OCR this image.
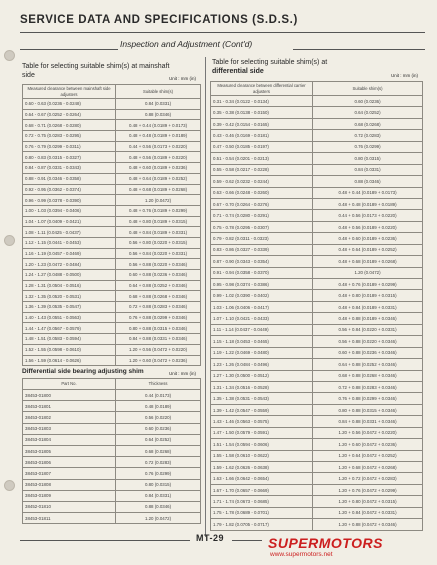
SERVICE DATA AND SPECIFICATIONS (S.D.S.)
Inspection and Adjustment (Cont'd)
Table for selecting suitable shim(s) at mainshaft
side	Unit : mm (in)
Measured clearance between mainshaft side adjusters	Suitable shim(s)
0.60 - 0.63 (0.0236 - 0.0248)	0.84 (0.0331)
0.64 - 0.67 (0.0252 - 0.0264)	0.88 (0.0346)
0.68 - 0.71 (0.0268 - 0.0280)	0.48 + 0.44 (0.0189 + 0.0173)
0.72 - 0.75 (0.0283 - 0.0295)	0.48 + 0.48 (0.0189 + 0.0189)
0.76 - 0.79 (0.0299 - 0.0311)	0.44 + 0.56 (0.0173 + 0.0220)
0.80 - 0.83 (0.0315 - 0.0327)	0.48 + 0.56 (0.0189 + 0.0220)
0.84 - 0.87 (0.0331 - 0.0343)	0.48 + 0.60 (0.0189 + 0.0236)
0.88 - 0.91 (0.0346 - 0.0358)	0.48 + 0.64 (0.0189 + 0.0252)
0.92 - 0.95 (0.0362 - 0.0374)	0.48 + 0.68 (0.0189 + 0.0268)
0.96 - 0.99 (0.0378 - 0.0390)	1.20 (0.0472)
1.00 - 1.03 (0.0394 - 0.0406)	0.48 + 0.76 (0.0189 + 0.0299)
1.04 - 1.07 (0.0409 - 0.0421)	0.48 + 0.80 (0.0189 + 0.0315)
1.08 - 1.11 (0.0425 - 0.0437)	0.48 + 0.84 (0.0189 + 0.0331)
1.12 - 1.15 (0.0441 - 0.0453)	0.56 + 0.80 (0.0220 + 0.0315)
1.16 - 1.19 (0.0457 - 0.0469)	0.56 + 0.84 (0.0220 + 0.0331)
1.20 - 1.23 (0.0472 - 0.0484)	0.56 + 0.88 (0.0220 + 0.0346)
1.24 - 1.27 (0.0488 - 0.0500)	0.60 + 0.88 (0.0236 + 0.0346)
1.28 - 1.31 (0.0504 - 0.0516)	0.64 + 0.88 (0.0252 + 0.0346)
1.32 - 1.35 (0.0520 - 0.0531)	0.68 + 0.88 (0.0268 + 0.0346)
1.36 - 1.39 (0.0535 - 0.0547)	0.72 + 0.88 (0.0283 + 0.0346)
1.40 - 1.43 (0.0551 - 0.0563)	0.76 + 0.88 (0.0299 + 0.0346)
1.44 - 1.47 (0.0567 - 0.0579)	0.80 + 0.88 (0.0315 + 0.0346)
1.48 - 1.51 (0.0583 - 0.0594)	0.84 + 0.88 (0.0331 + 0.0346)
1.52 - 1.55 (0.0598 - 0.0610)	1.20 + 0.56 (0.0472 + 0.0220)
1.56 - 1.59 (0.0614 - 0.0626)	1.20 + 0.60 (0.0472 + 0.0236)
Differential side bearing adjusting shim	Unit : mm (in)
Part No.	Thickness
38453-01800	0.44 (0.0173)
38453-01801	0.48 (0.0189)
38453-01802	0.56 (0.0220)
38453-01803	0.60 (0.0236)
38453-01804	0.64 (0.0252)
38453-01805	0.68 (0.0268)
38453-01806	0.72 (0.0283)
38453-01807	0.76 (0.0299)
38453-01808	0.80 (0.0315)
38453-01809	0.84 (0.0331)
38452-01810	0.88 (0.0346)
38453-01811	1.20 (0.0472)
Table for selecting suitable shim(s) at
differential side
Unit : mm (in)
Measured clearance between differential carrier adjusters	Suitable shim(s)
0.31 - 0.34 (0.0122 - 0.0134)	0.60 (0.0236)
0.35 - 0.38 (0.0138 - 0.0150)	0.64 (0.0252)
0.39 - 0.42 (0.0154 - 0.0165)	0.68 (0.0268)
0.43 - 0.46 (0.0169 - 0.0181)	0.72 (0.0283)
0.47 - 0.50 (0.0185 - 0.0197)	0.76 (0.0299)
0.51 - 0.54 (0.0201 - 0.0213)	0.80 (0.0315)
0.55 - 0.58 (0.0217 - 0.0228)	0.84 (0.0331)
0.59 - 0.62 (0.0232 - 0.0244)	0.88 (0.0346)
0.63 - 0.66 (0.0248 - 0.0260)	0.48 + 0.44 (0.0189 + 0.0173)
0.67 - 0.70 (0.0264 - 0.0276)	0.48 + 0.48 (0.0189 + 0.0189)
0.71 - 0.74 (0.0280 - 0.0291)	0.44 + 0.56 (0.0173 + 0.0220)
0.75 - 0.78 (0.0295 - 0.0307)	0.48 + 0.56 (0.0189 + 0.0220)
0.79 - 0.82 (0.0311 - 0.0323)	0.48 + 0.60 (0.0189 + 0.0236)
0.83 - 0.86 (0.0327 - 0.0339)	0.48 + 0.64 (0.0189 + 0.0252)
0.87 - 0.90 (0.0343 - 0.0354)	0.48 + 0.68 (0.0189 + 0.0268)
0.91 - 0.94 (0.0358 - 0.0370)	1.20 (0.0472)
0.95 - 0.98 (0.0374 - 0.0386)	0.48 + 0.76 (0.0189 + 0.0299)
0.99 - 1.02 (0.0390 - 0.0402)	0.48 + 0.80 (0.0189 + 0.0315)
1.03 - 1.06 (0.0406 - 0.0417)	0.48 + 0.84 (0.0189 + 0.0331)
1.07 - 1.10 (0.0421 - 0.0433)	0.48 + 0.88 (0.0189 + 0.0346)
1.11 - 1.14 (0.0437 - 0.0449)	0.56 + 0.84 (0.0220 + 0.0331)
1.15 - 1.18 (0.0453 - 0.0465)	0.56 + 0.88 (0.0220 + 0.0346)
1.19 - 1.22 (0.0469 - 0.0480)	0.60 + 0.88 (0.0236 + 0.0346)
1.23 - 1.26 (0.0484 - 0.0496)	0.64 + 0.88 (0.0252 + 0.0346)
1.27 - 1.30 (0.0500 - 0.0512)	0.68 + 0.88 (0.0268 + 0.0346)
1.31 - 1.34 (0.0516 - 0.0528)	0.72 + 0.88 (0.0283 + 0.0346)
1.35 - 1.38 (0.0531 - 0.0543)	0.76 + 0.88 (0.0299 + 0.0346)
1.39 - 1.42 (0.0547 - 0.0559)	0.80 + 0.88 (0.0315 + 0.0346)
1.43 - 1.46 (0.0563 - 0.0575)	0.84 + 0.88 (0.0331 + 0.0346)
1.47 - 1.50 (0.0579 - 0.0591)	1.20 + 0.56 (0.0472 + 0.0220)
1.51 - 1.54 (0.0594 - 0.0606)	1.20 + 0.60 (0.0472 + 0.0236)
1.55 - 1.58 (0.0610 - 0.0622)	1.20 + 0.64 (0.0472 + 0.0252)
1.59 - 1.62 (0.0626 - 0.0638)	1.20 + 0.68 (0.0472 + 0.0268)
1.63 - 1.66 (0.0642 - 0.0654)	1.20 + 0.72 (0.0472 + 0.0283)
1.67 - 1.70 (0.0657 - 0.0669)	1.20 + 0.76 (0.0472 + 0.0299)
1.71 - 1.74 (0.0673 - 0.0685)	1.20 + 0.80 (0.0472 + 0.0315)
1.75 - 1.78 (0.0689 - 0.0701)	1.20 + 0.84 (0.0472 + 0.0331)
1.79 - 1.82 (0.0705 - 0.0717)	1.20 + 0.88 (0.0472 + 0.0346)
MT-29	SUPERMOTORS
www.supermotors.net
